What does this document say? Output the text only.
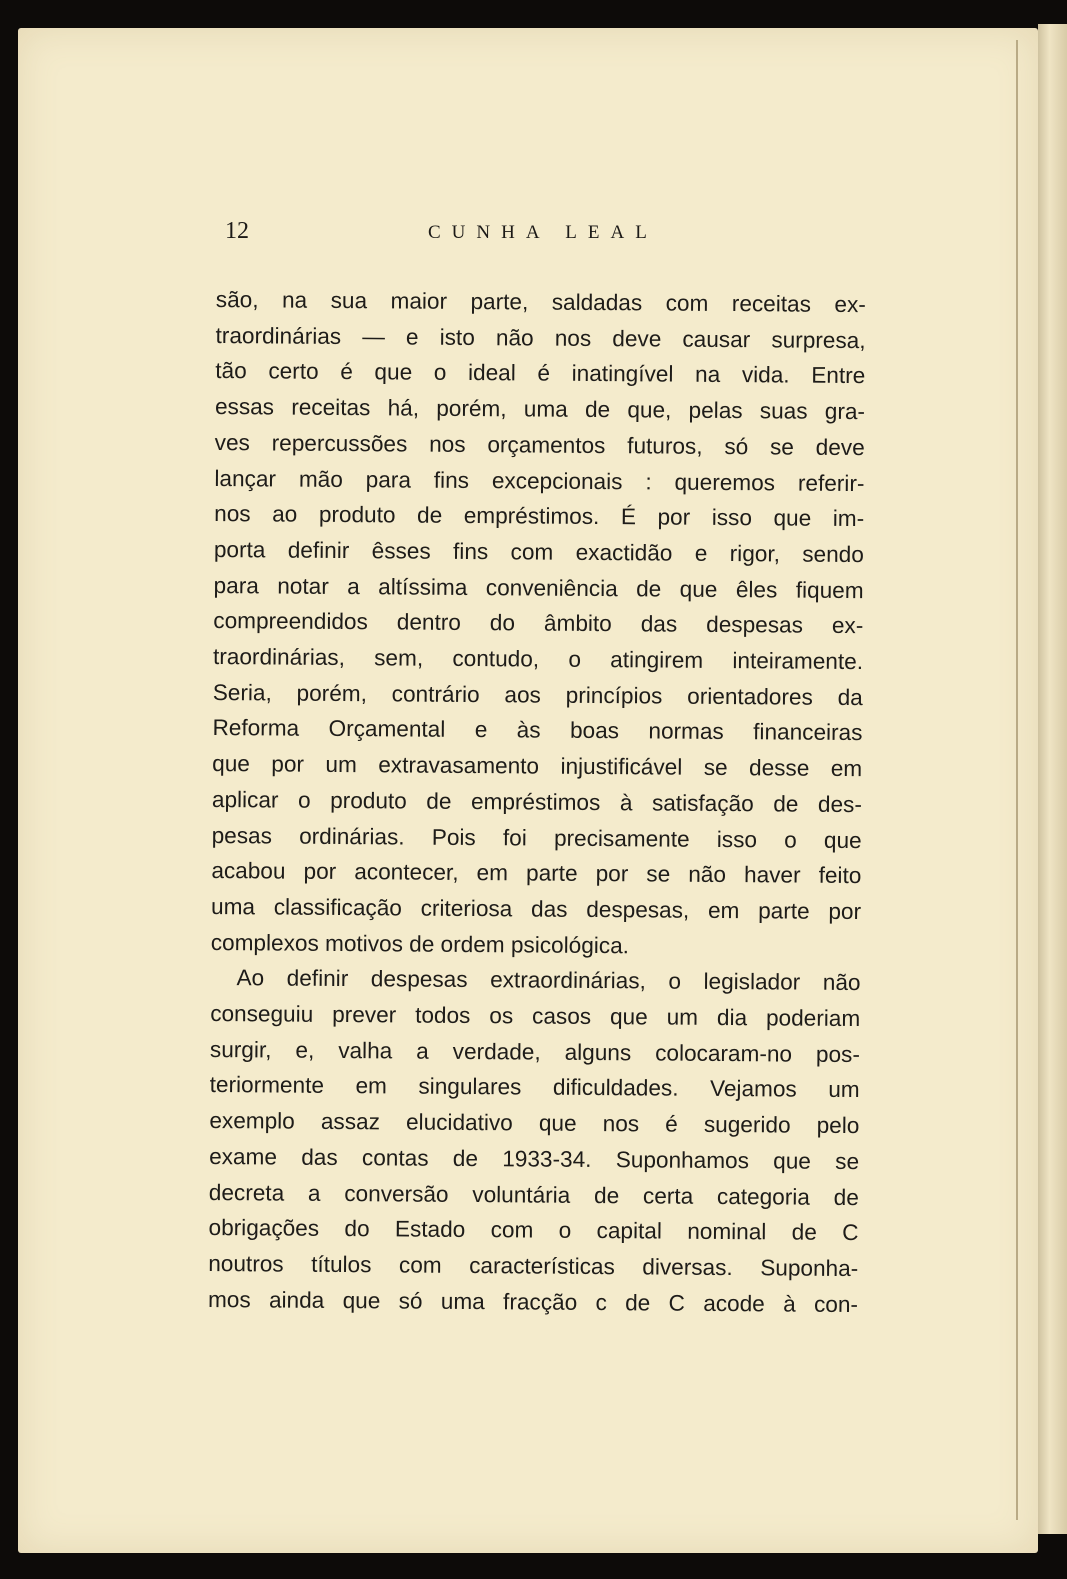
12	CUNHA LEAL
são, na sua maior parte, saldadas com receitas ex-
traordinárias — e isto não nos deve causar surpresa,
tão certo é que o ideal é inatingível na vida. Entre
essas receitas há, porém, uma de que, pelas suas gra-
ves repercussões nos orçamentos futuros, só se deve
lançar mão para fins excepcionais : queremos referir-
nos ao produto de empréstimos. É por isso que im-
porta definir êsses fins com exactidão e rigor, sendo
para notar a altíssima conveniência de que êles fiquem
compreendidos dentro do âmbito das despesas ex-
traordinárias, sem, contudo, o atingirem inteiramente.
Seria, porém, contrário aos princípios orientadores da
Reforma Orçamental e às boas normas financeiras
que por um extravasamento injustificável se desse em
aplicar o produto de empréstimos à satisfação de des-
pesas ordinárias. Pois foi precisamente isso o que
acabou por acontecer, em parte por se não haver feito
uma classificação criteriosa das despesas, em parte por
complexos motivos de ordem psicológica.
Ao definir despesas extraordinárias, o legislador não
conseguiu prever todos os casos que um dia poderiam
surgir, e, valha a verdade, alguns colocaram-no pos-
teriormente em singulares dificuldades. Vejamos um
exemplo assaz elucidativo que nos é sugerido pelo
exame das contas de 1933-34. Suponhamos que se
decreta a conversão voluntária de certa categoria de
obrigações do Estado com o capital nominal de C
noutros títulos com características diversas. Suponha-
mos ainda que só uma fracção c de C acode à con-
